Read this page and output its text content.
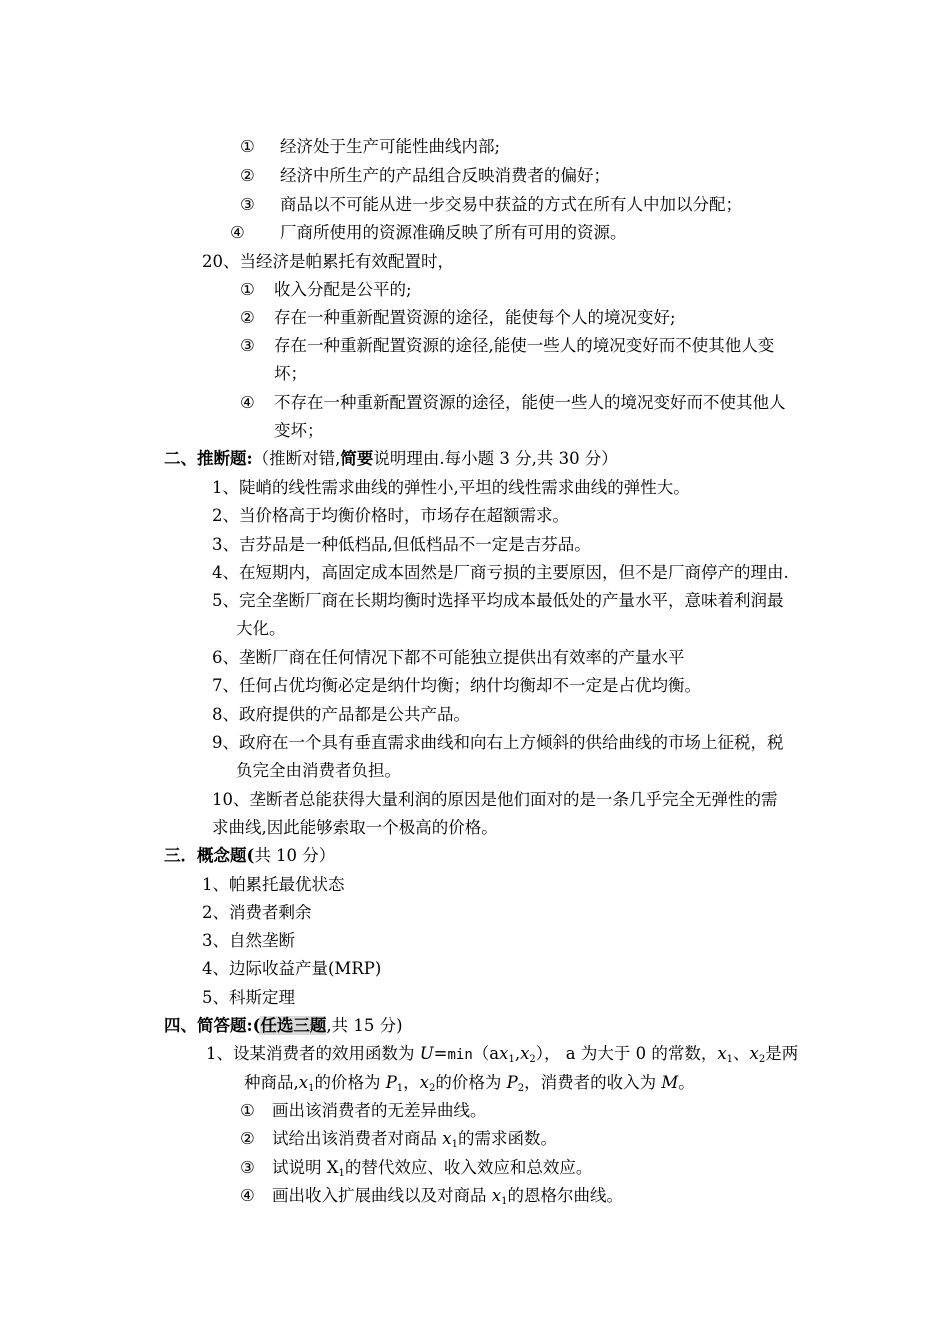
① 经济处于生产可能性曲线内部;
② 经济中所生产的产品组合反映消费者的偏好；
③ 商品以不可能从进一步交易中获益的方式在所有人中加以分配；
④ 厂商所使用的资源准确反映了所有可用的资源。
20、当经济是帕累托有效配置时，
① 收入分配是公平的;
② 存在一种重新配置资源的途径，能使每个人的境况变好;
③ 存在一种重新配置资源的途径,能使一些人的境况变好而不使其他人变
坏；
④ 不存在一种重新配置资源的途径，能使一些人的境况变好而不使其他人
变坏；
二、推断题:（推断对错,简要说明理由.每小题 3 分,共 30 分）
1、陡峭的线性需求曲线的弹性小,平坦的线性需求曲线的弹性大。
2、当价格高于均衡价格时，市场存在超额需求。
3、吉芬品是一种低档品,但低档品不一定是吉芬品。
4、在短期内，高固定成本固然是厂商亏损的主要原因，但不是厂商停产的理由.
5、完全垄断厂商在长期均衡时选择平均成本最低处的产量水平，意味着利润最
大化。
6、垄断厂商在任何情况下都不可能独立提供出有效率的产量水平
7、任何占优均衡必定是纳什均衡；纳什均衡却不一定是占优均衡。
8、政府提供的产品都是公共产品。
9、政府在一个具有垂直需求曲线和向右上方倾斜的供给曲线的市场上征税，税
负完全由消费者负担。
10、垄断者总能获得大量利润的原因是他们面对的是一条几乎完全无弹性的需
求曲线,因此能够索取一个极高的价格。
三．概念题(共 10 分）
1、帕累托最优状态
2、消费者剩余
3、自然垄断
4、边际收益产量(MRP)
5、科斯定理
四、简答题:(任选三题,共 15 分)
1、设某消费者的效用函数为 $U=\min(ax_1,x_2)$， a 为大于 0 的常数，$x_1$、$x_2$是两
种商品$,x_1$的价格为 $P_1$，$x_2$的价格为 $P_2$，消费者的收入为 M。
① 画出该消费者的无差异曲线。
② 试给出该消费者对商品 $x_1$的需求函数。
③ 试说明 $X_1$的替代效应、收入效应和总效应。
④ 画出收入扩展曲线以及对商品 $x_1$的恩格尔曲线。
